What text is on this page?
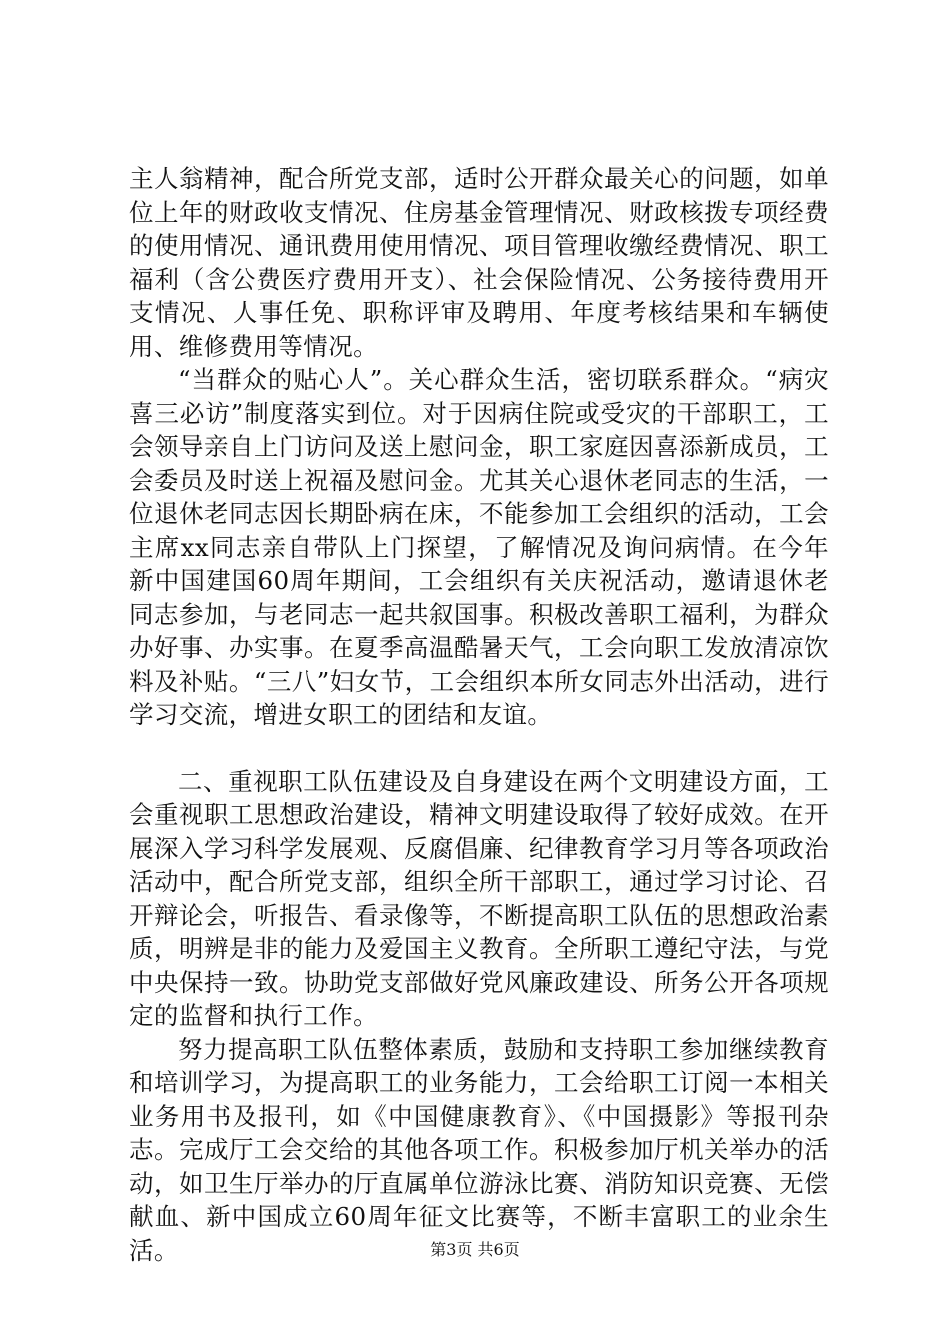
主人翁精神，配合所党支部，适时公开群众最关心的问题，如单位上年的财政收支情况、住房基金管理情况、财政核拨专项经费的使用情况、通讯费用使用情况、项目管理收缴经费情况、职工福利（含公费医疗费用开支）、社会保险情况、公务接待费用开支情况、人事任免、职称评审及聘用、年度考核结果和车辆使用、维修费用等情况。

“当群众的贴心人”。关心群众生活，密切联系群众。“病灾喜三必访”制度落实到位。对于因病住院或受灾的干部职工，工会领导亲自上门访问及送上慰问金，职工家庭因喜添新成员，工会委员及时送上祝福及慰问金。尤其关心退休老同志的生活，一位退休老同志因长期卧病在床，不能参加工会组织的活动，工会主席xx同志亲自带队上门探望，了解情况及询问病情。在今年新中国建国60周年期间，工会组织有关庆祝活动，邀请退休老同志参加，与老同志一起共叙国事。积极改善职工福利，为群众办好事、办实事。在夏季高温酷暑天气，工会向职工发放清凉饮料及补贴。“三八”妇女节，工会组织本所女同志外出活动，进行学习交流，增进女职工的团结和友谊。

二、重视职工队伍建设及自身建设在两个文明建设方面，工会重视职工思想政治建设，精神文明建设取得了较好成效。在开展深入学习科学发展观、反腐倡廉、纪律教育学习月等各项政治活动中，配合所党支部，组织全所干部职工，通过学习讨论、召开辩论会，听报告、看录像等，不断提高职工队伍的思想政治素质，明辨是非的能力及爱国主义教育。全所职工遵纪守法，与党中央保持一致。协助党支部做好党风廉政建设、所务公开各项规定的监督和执行工作。

努力提高职工队伍整体素质，鼓励和支持职工参加继续教育和培训学习，为提高职工的业务能力，工会给职工订阅一本相关业务用书及报刊，如《中国健康教育》、《中国摄影》等报刊杂志。完成厅工会交给的其他各项工作。积极参加厅机关举办的活动，如卫生厅举办的厅直属单位游泳比赛、消防知识竞赛、无偿献血、新中国成立60周年征文比赛等，不断丰富职工的业余生活。	第3页 共6页
